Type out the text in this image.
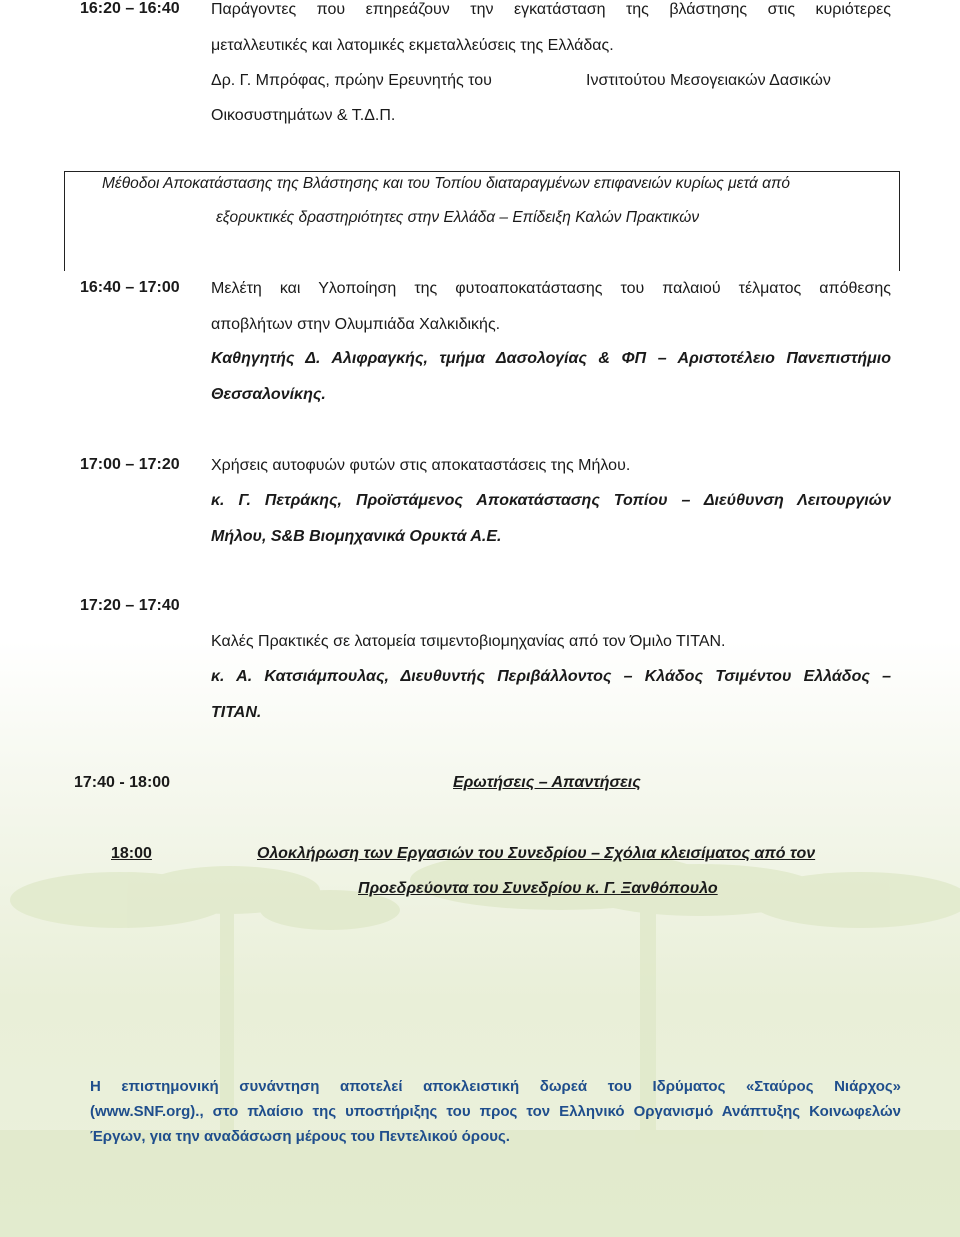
16:20 – 16:40 Παράγοντες που επηρεάζουν την εγκατάσταση της βλάστησης στις κυριότερες
μεταλλευτικές και λατομικές εκμεταλλεύσεις της Ελλάδας.
Δρ. Γ. Μπρόφας, πρώην Ερευνητής του	Ινστιτούτου Μεσογειακών Δασικών
Οικοσυστημάτων & Τ.Δ.Π.
Μέθοδοι Αποκατάστασης της Βλάστησης και του Τοπίου διαταραγμένων επιφανειών κυρίως μετά από
εξορυκτικές δραστηριότητες στην Ελλάδα – Επίδειξη Καλών Πρακτικών
16:40 – 17:00 Μελέτη και Υλοποίηση της φυτοαποκατάστασης του παλαιού τέλματος απόθεσης
αποβλήτων στην Ολυμπιάδα Χαλκιδικής.
Καθηγητής Δ. Αλιφραγκής, τμήμα Δασολογίας & ΦΠ – Αριστοτέλειο Πανεπιστήμιο
Θεσσαλονίκης.
17:00 – 17:20 Χρήσεις αυτοφυών φυτών στις αποκαταστάσεις της Μήλου.
κ. Γ. Πετράκης, Προϊστάμενος Αποκατάστασης Τοπίου – Διεύθυνση Λειτουργιών
Μήλου, S&B Βιομηχανικά Ορυκτά Α.Ε.
17:20 – 17:40
Καλές Πρακτικές σε λατομεία τσιμεντοβιομηχανίας από τον Όμιλο ΤΙΤΑΝ.
κ. Α. Κατσιάμπουλας, Διευθυντής Περιβάλλοντος – Κλάδος Τσιμέντου Ελλάδος –
ΤΙΤΑΝ.
17:40 - 18:00	Ερωτήσεις – Απαντήσεις
18:00	Ολοκλήρωση των Εργασιών του Συνεδρίου – Σχόλια κλεισίματος από τον
Προεδρεύοντα του Συνεδρίου κ. Γ. Ξανθόπουλο
Η επιστημονική συνάντηση αποτελεί αποκλειστική δωρεά του Ιδρύματος «Σταύρος Νιάρχος»
(www.SNF.org)., στο πλαίσιο της υποστήριξης του προς τον Ελληνικό Οργανισμό Ανάπτυξης Κοινωφελών
Έργων, για την αναδάσωση μέρους του Πεντελικού όρους.
